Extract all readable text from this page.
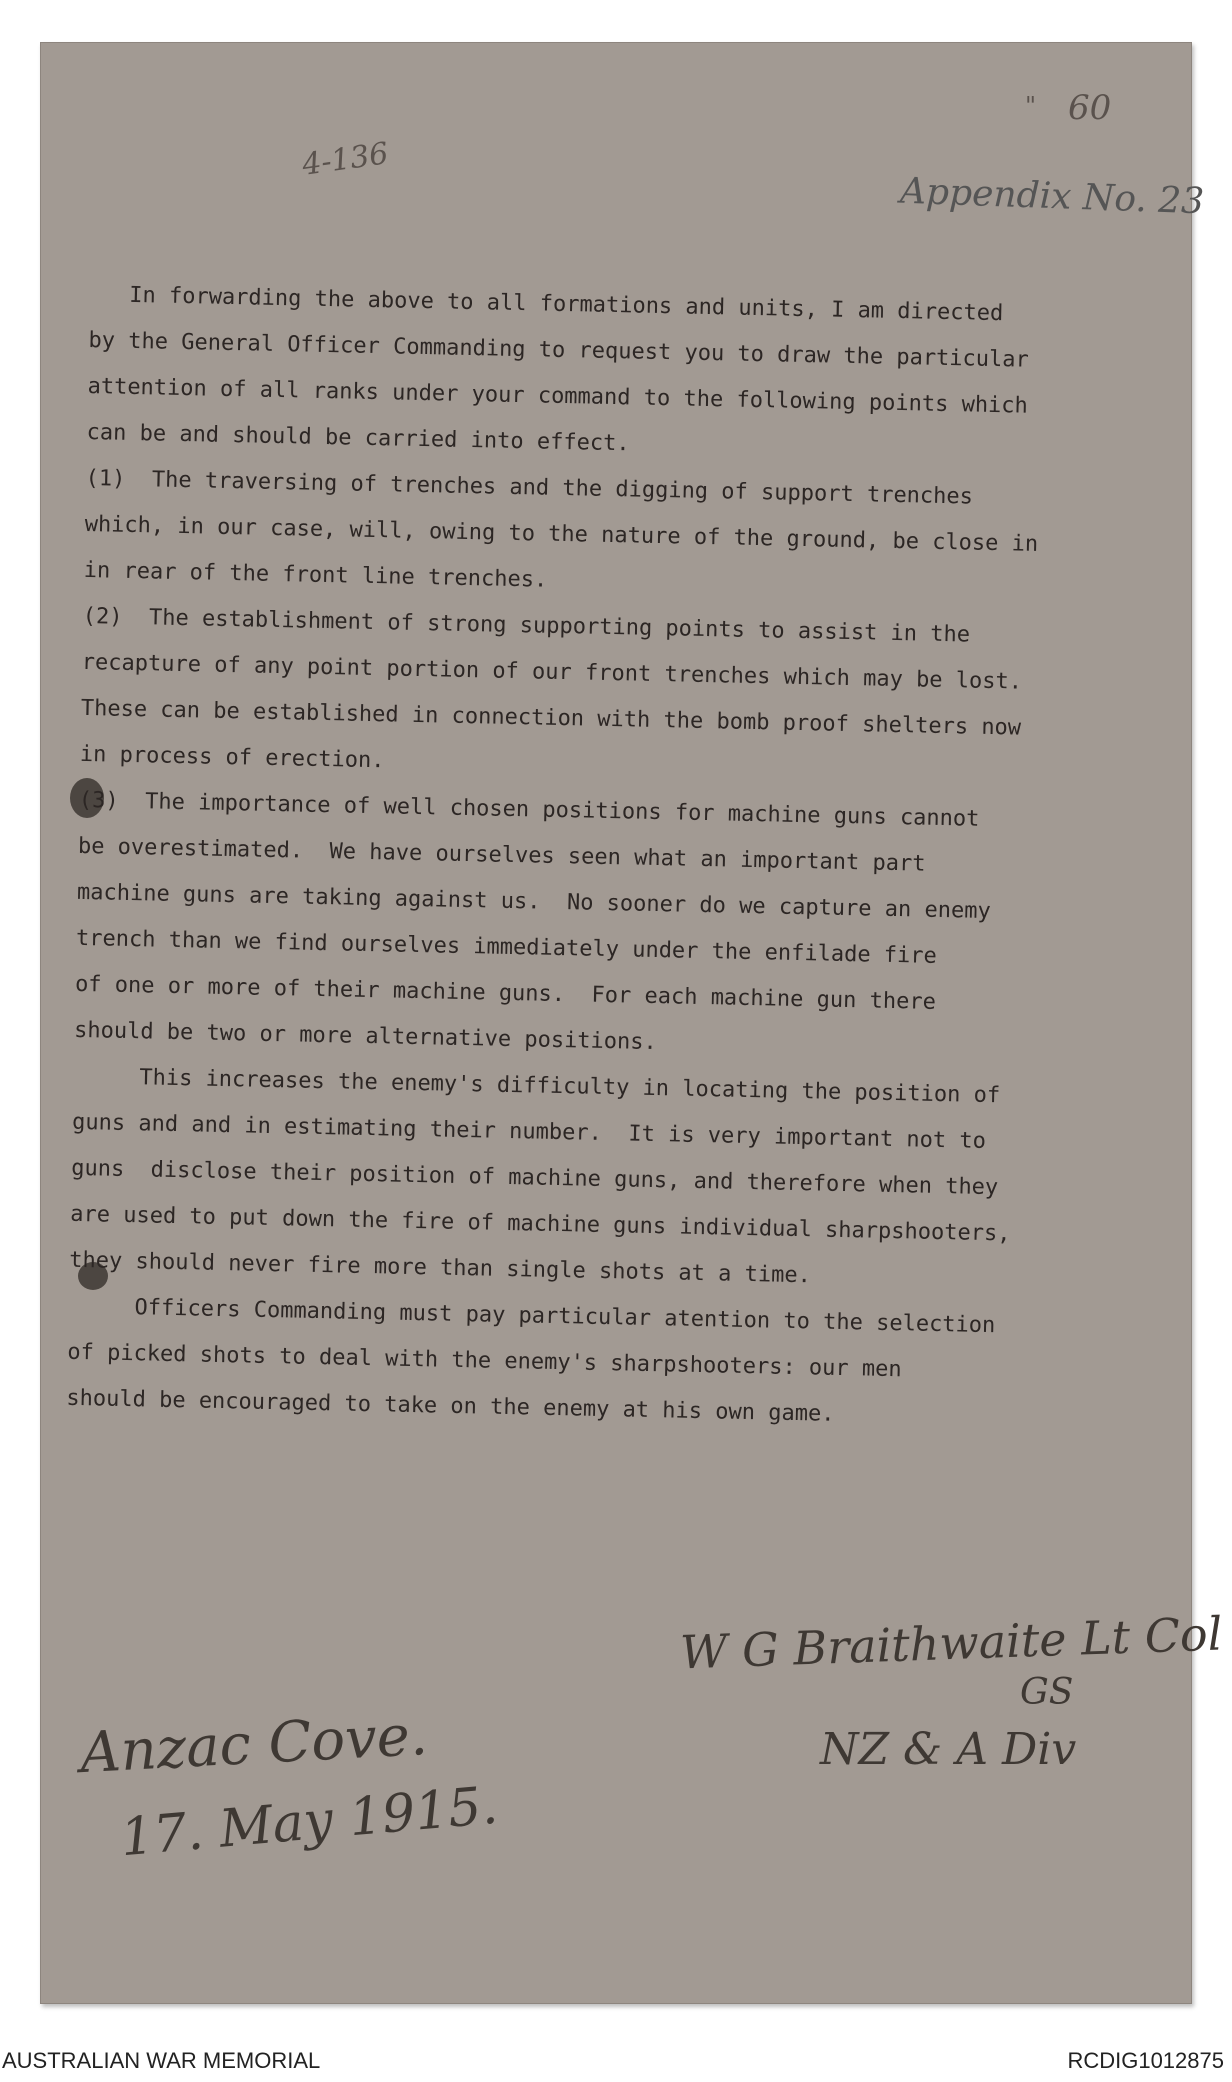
4-136
" 60
Appendix No. 23
In forwarding the above to all formations and units, I am directed
by the General Officer Commanding to request you to draw the particular
attention of all ranks under your command to the following points which
can be and should be carried into effect.
(1)  The traversing of trenches and the digging of support trenches
which, in our case, will, owing to the nature of the ground, be close in
in rear of the front line trenches.
(2)  The establishment of strong supporting points to assist in the
recapture of any point portion of our front trenches which may be lost.
These can be established in connection with the bomb proof shelters now
in process of erection.
(3)  The importance of well chosen positions for machine guns cannot
be overestimated.  We have ourselves seen what an important part
machine guns are taking against us.  No sooner do we capture an enemy
trench than we find ourselves immediately under the enfilade fire
of one or more of their machine guns.  For each machine gun there
should be two or more alternative positions.
This increases the enemy's difficulty in locating the position of
guns and and in estimating their number.  It is very important not to
guns  disclose their position of machine guns, and therefore when they
are used to put down the fire of machine guns individual sharpshooters,
they should never fire more than single shots at a time.
Officers Commanding must pay particular atention to the selection
of picked shots to deal with the enemy's sharpshooters: our men
should be encouraged to take on the enemy at his own game.
W G Braithwaite Lt Col
GS
NZ & A Div
Anzac Cove.
17. May 1915.
AUSTRALIAN WAR MEMORIAL	RCDIG1012875
